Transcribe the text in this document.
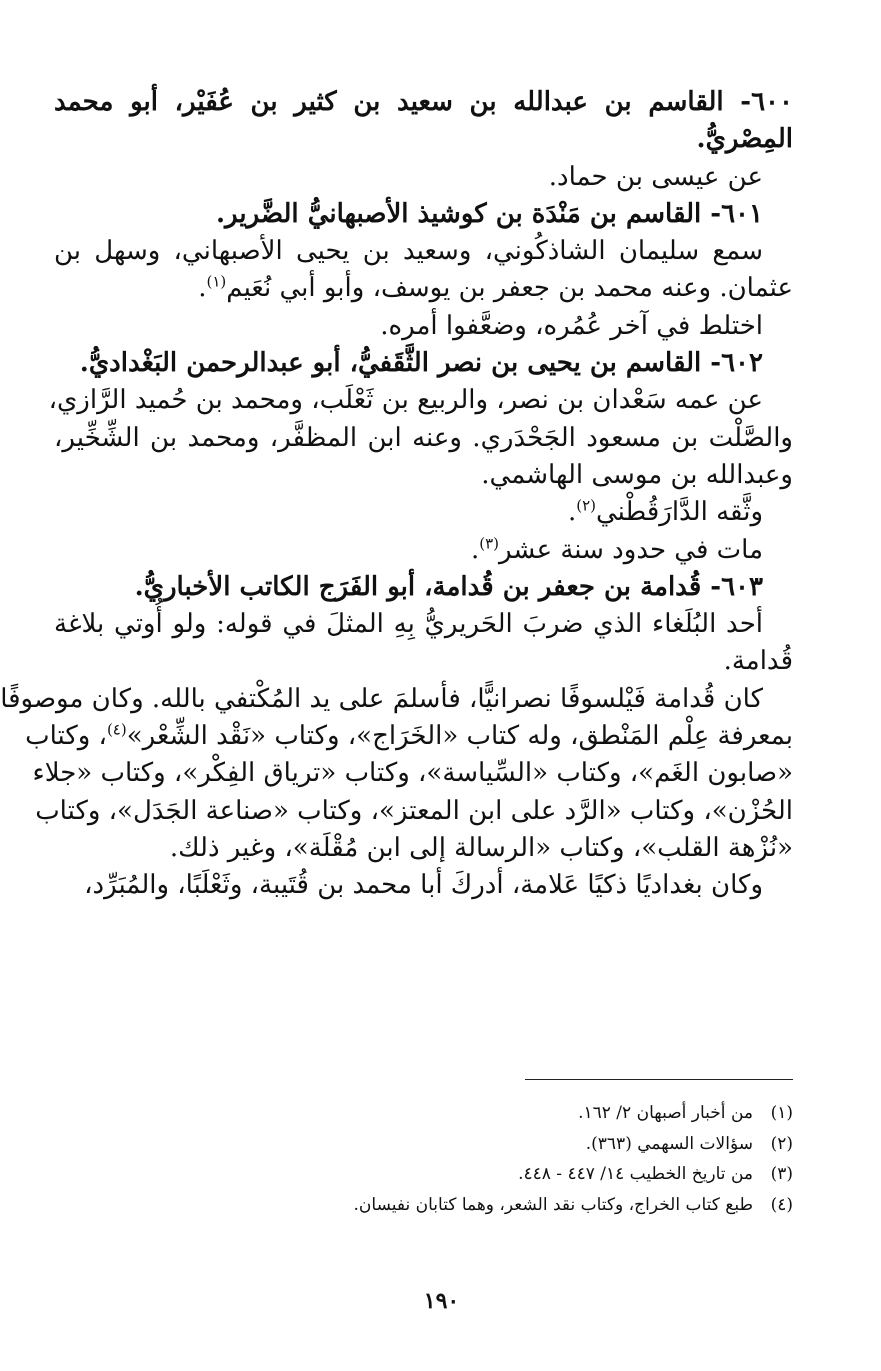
٦٠٠- القاسم بن عبدالله بن سعيد بن كثير بن عُفَيْر، أبو محمد
المِصْريُّ.
عن عيسى بن حماد.
٦٠١- القاسم بن مَنْدَة بن كوشيذ الأصبهانيُّ الضَّرير.
سمع سليمان الشاذكُوني، وسعيد بن يحيى الأصبهاني، وسهل بن
عثمان. وعنه محمد بن جعفر بن يوسف، وأبو أبي نُعَيم$^{(١)}$.
اختلط في آخر عُمُره، وضعَّفوا أمره.
٦٠٢- القاسم بن يحيى بن نصر الثَّقَفيُّ، أبو عبدالرحمن البَغْداديُّ.
عن عمه سَعْدان بن نصر، والربيع بن ثَعْلَب، ومحمد بن حُميد الرَّازي،
والصَّلْت بن مسعود الجَحْدَري. وعنه ابن المظفَّر، ومحمد بن الشِّخِّير،
وعبدالله بن موسى الهاشمي.
وثَّقه الدَّارَقُطْني$^{(٢)}$.
مات في حدود سنة عشر$^{(٣)}$.
٦٠٣- قُدامة بن جعفر بن قُدامة، أبو الفَرَج الكاتب الأخباريُّ.
أحد البُلَغاء الذي ضربَ الحَريريُّ بِهِ المثلَ في قوله: ولو أُوتي بلاغة
قُدامة.
كان قُدامة فَيْلسوفًا نصرانيًّا، فأسلمَ على يد المُكْتفي بالله. وكان موصوفًا
بمعرفة عِلْم المَنْطق، وله كتاب «الخَرَاج»، وكتاب «نَقْد الشِّعْر»$^{(٤)}$، وكتاب
«صابون الغَم»، وكتاب «السِّياسة»، وكتاب «ترياق الفِكْر»، وكتاب «جلاء
الحُزْن»، وكتاب «الرَّد على ابن المعتز»، وكتاب «صناعة الجَدَل»، وكتاب
«نُزْهة القلب»، وكتاب «الرسالة إلى ابن مُقْلَة»، وغير ذلك.
وكان بغداديًا ذكيًا عَلامة، أدركَ أبا محمد بن قُتَيبة، وثَعْلَبًا، والمُبَرِّد،
(١)من أخبار أصبهان ٢/ ١٦٢.
(٢)سؤالات السهمي (٣٦٣).
(٣)من تاريخ الخطيب ١٤/ ٤٤٧ - ٤٤٨.
(٤)طبع كتاب الخراج، وكتاب نقد الشعر، وهما كتابان نفيسان.
١٩٠
